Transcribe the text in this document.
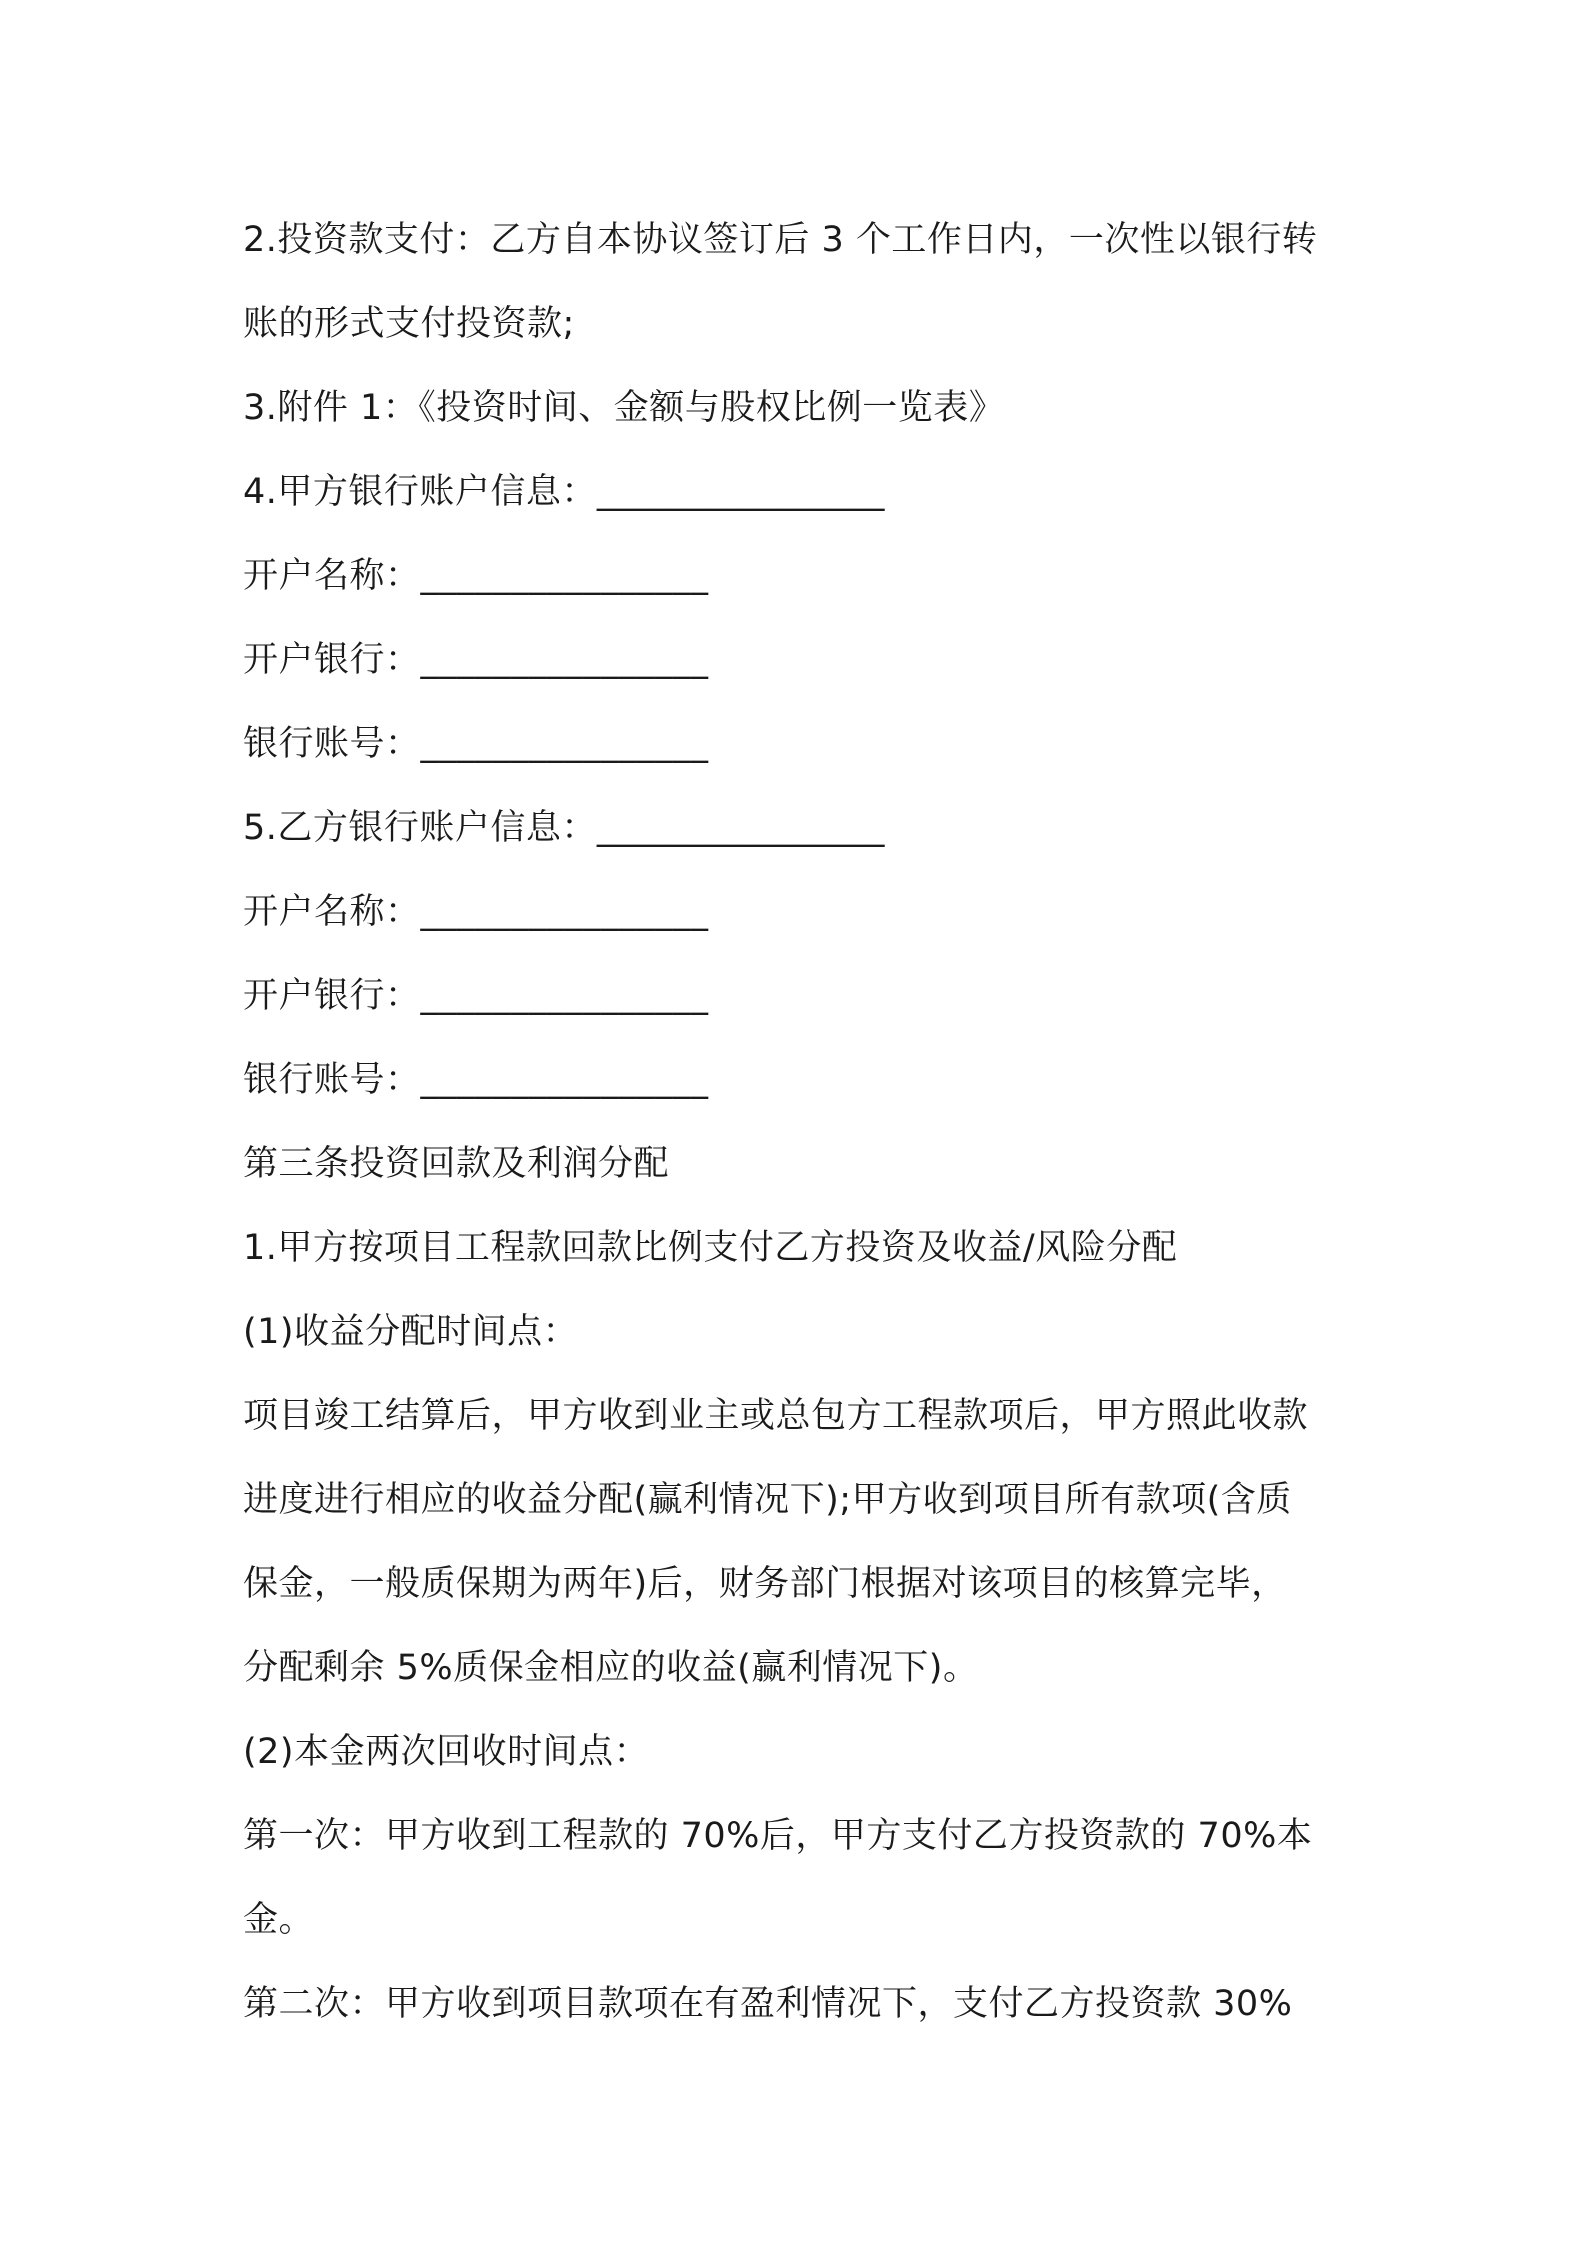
2.投资款支付：乙方自本协议签订后 3 个工作日内，一次性以银行转
账的形式支付投资款;
3.附件 1：《投资时间、金额与股权比例一览表》
4.甲方银行账户信息：________________
开户名称：________________
开户银行：________________
银行账号：________________
5.乙方银行账户信息：________________
开户名称：________________
开户银行：________________
银行账号：________________
第三条投资回款及利润分配
1.甲方按项目工程款回款比例支付乙方投资及收益/风险分配
(1)收益分配时间点：
项目竣工结算后，甲方收到业主或总包方工程款项后，甲方照此收款
进度进行相应的收益分配(赢利情况下);甲方收到项目所有款项(含质
保金，一般质保期为两年)后，财务部门根据对该项目的核算完毕，
分配剩余 5%质保金相应的收益(赢利情况下)。
(2)本金两次回收时间点：
第一次：甲方收到工程款的 70%后，甲方支付乙方投资款的 70%本
金。
第二次：甲方收到项目款项在有盈利情况下，支付乙方投资款 30%
